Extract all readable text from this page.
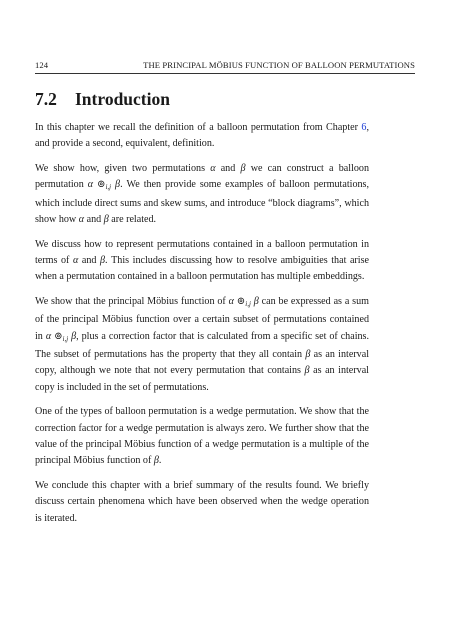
124	THE PRINCIPAL MÖBIUS FUNCTION OF BALLOON PERMUTATIONS
7.2 Introduction

In this chapter we recall the definition of a balloon permutation from Chapter 6, and provide a second, equivalent, definition.

We show how, given two permutations α and β we can construct a balloon permutation α $⊚_{i,j}$ β. We then provide some examples of balloon permutations, which include direct sums and skew sums, and introduce “block diagrams”, which show how α and β are related.

We discuss how to represent permutations contained in a balloon permutation in terms of α and β. This includes discussing how to resolve ambiguities that arise when a permutation contained in a balloon permutation has multiple embeddings.

We show that the principal Möbius function of α $⊚_{i,j}$ β can be expressed as a sum of the principal Möbius function over a certain subset of permutations contained in α $⊚_{i,j}$ β, plus a correction factor that is calculated from a specific set of chains. The subset of permutations has the property that they all contain β as an interval copy, although we note that not every permutation that contains β as an interval copy is included in the set of permutations.

One of the types of balloon permutation is a wedge permutation. We show that the correction factor for a wedge permutation is always zero. We further show that the value of the principal Möbius function of a wedge permutation is a multiple of the principal Möbius function of β.

We conclude this chapter with a brief summary of the results found. We briefly discuss certain phenomena which have been observed when the wedge operation is iterated.
